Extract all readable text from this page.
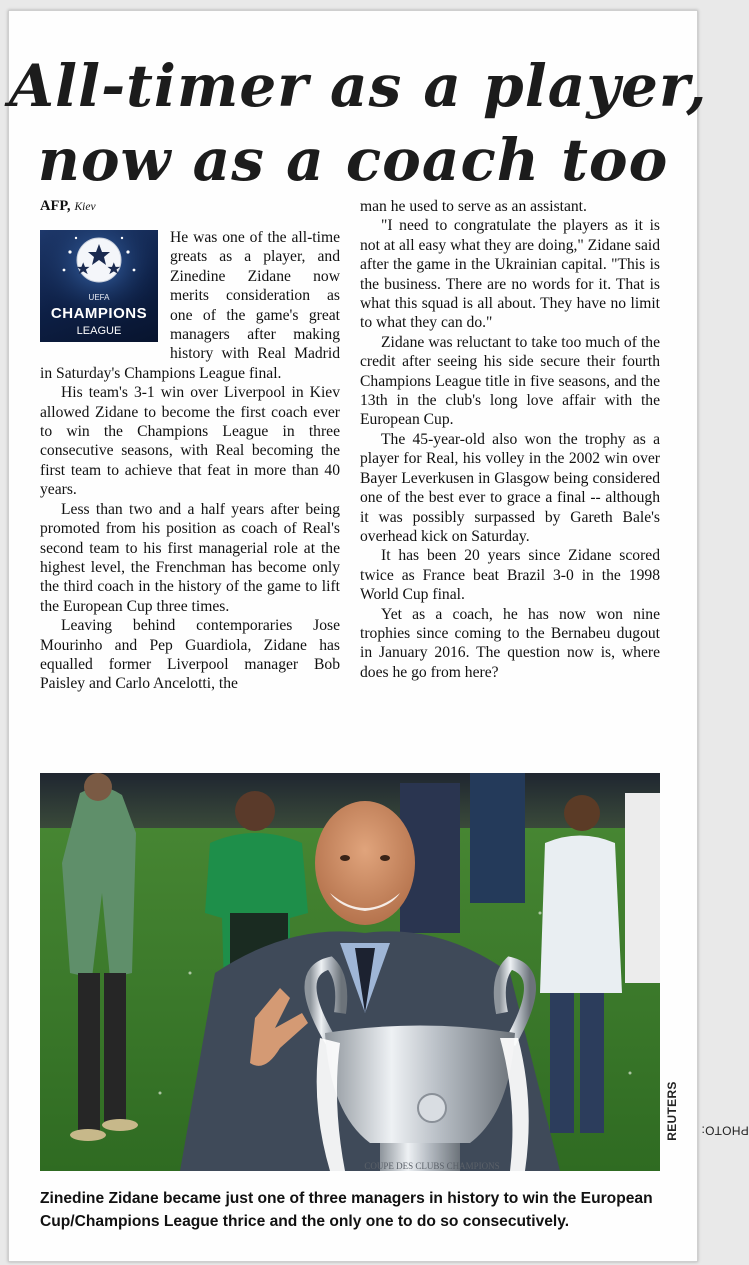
All-timer as a player,
now as a coach too
AFP, Kiev
UEFA
CHAMPIONS
LEAGUE

He was one of the all-time greats as a player, and Zinedine Zidane now merits consideration as one of the game's great managers after making history with Real Madrid in Saturday's Champions League final.

His team's 3-1 win over Liverpool in Kiev allowed Zidane to become the first coach ever to win the Champions League in three consecutive seasons, with Real becoming the first team to achieve that feat in more than 40 years.

Less than two and a half years after being promoted from his position as coach of Real's second team to his first managerial role at the highest level, the Frenchman has become only the third coach in the history of the game to lift the European Cup three times.

Leaving behind contemporaries Jose Mourinho and Pep Guardiola, Zidane has equalled former Liverpool manager Bob Paisley and Carlo Ancelotti, the

man he used to serve as an assistant.

"I need to congratulate the players as it is not at all easy what they are doing," Zidane said after the game in the Ukrainian capital. "This is the business. There are no words for it. That is what this squad is all about. They have no limit to what they can do."

Zidane was reluctant to take too much of the credit after seeing his side secure their fourth Champions League title in five seasons, and the 13th in the club's long love affair with the European Cup.

The 45-year-old also won the trophy as a player for Real, his volley in the 2002 win over Bayer Leverkusen in Glasgow being considered one of the best ever to grace a final -- although it was possibly surpassed by Gareth Bale's overhead kick on Saturday.

It has been 20 years since Zidane scored twice as France beat Brazil 3-0 in the 1998 World Cup final.

Yet as a coach, he has now won nine trophies since coming to the Bernabeu dugout in January 2016. The question now is, where does he go from here?

COUPE DES CLUBS CHAMPIONS
PHOTO:
REUTERS
Zinedine Zidane became just one of three managers in history to win the European Cup/Champions League thrice and the only one to do so consecutively.
